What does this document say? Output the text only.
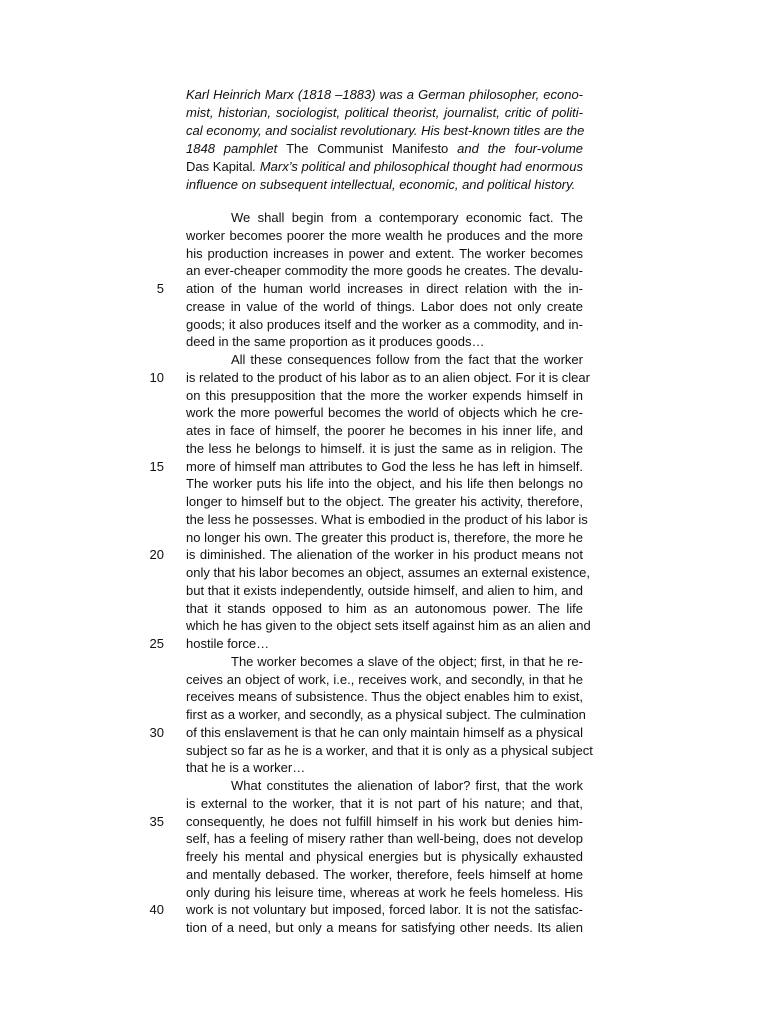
Karl Heinrich Marx (1818 –1883) was a German philosopher, econo-
mist, historian, sociologist, political theorist, journalist, critic of politi-
cal economy, and socialist revolutionary. His best-known titles are the
1848 pamphlet The Communist Manifesto and the four-volume
Das Kapital. Marx’s political and philosophical thought had enormous
influence on subsequent intellectual, economic, and political history.
5
10
15
20
25
30
35
40
We shall begin from a contemporary economic fact. The
worker becomes poorer the more wealth he produces and the more
his production increases in power and extent. The worker becomes
an ever-cheaper commodity the more goods he creates. The devalu-
ation of the human world increases in direct relation with the in-
crease in value of the world of things. Labor does not only create
goods; it also produces itself and the worker as a commodity, and in-
deed in the same proportion as it produces goods…
All these consequences follow from the fact that the worker
is related to the product of his labor as to an alien object. For it is clear
on this presupposition that the more the worker expends himself in
work the more powerful becomes the world of objects which he cre-
ates in face of himself, the poorer he becomes in his inner life, and
the less he belongs to himself. it is just the same as in religion. The
more of himself man attributes to God the less he has left in himself.
The worker puts his life into the object, and his life then belongs no
longer to himself but to the object. The greater his activity, therefore,
the less he possesses. What is embodied in the product of his labor is
no longer his own. The greater this product is, therefore, the more he
is diminished. The alienation of the worker in his product means not
only that his labor becomes an object, assumes an external existence,
but that it exists independently, outside himself, and alien to him, and
that it stands opposed to him as an autonomous power. The life
which he has given to the object sets itself against him as an alien and
hostile force…
The worker becomes a slave of the object; first, in that he re-
ceives an object of work, i.e., receives work, and secondly, in that he
receives means of subsistence. Thus the object enables him to exist,
first as a worker, and secondly, as a physical subject. The culmination
of this enslavement is that he can only maintain himself as a physical
subject so far as he is a worker, and that it is only as a physical subject
that he is a worker…
What constitutes the alienation of labor? first, that the work
is external to the worker, that it is not part of his nature; and that,
consequently, he does not fulfill himself in his work but denies him-
self, has a feeling of misery rather than well-being, does not develop
freely his mental and physical energies but is physically exhausted
and mentally debased. The worker, therefore, feels himself at home
only during his leisure time, whereas at work he feels homeless. His
work is not voluntary but imposed, forced labor. It is not the satisfac-
tion of a need, but only a means for satisfying other needs. Its alien
